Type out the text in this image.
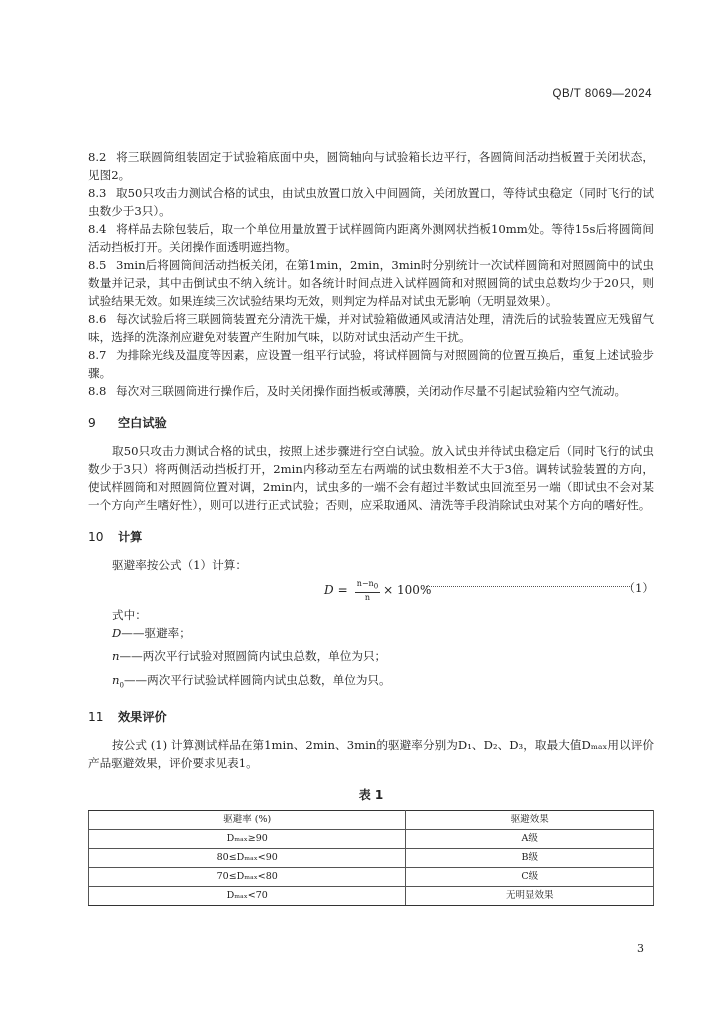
QB/T 8069—2024

8.2 将三联圆筒组装固定于试验箱底面中央，圆筒轴向与试验箱长边平行，各圆筒间活动挡板置于关闭状态，见图2。

8.3 取50只攻击力测试合格的试虫，由试虫放置口放入中间圆筒，关闭放置口，等待试虫稳定（同时飞行的试虫数少于3只）。

8.4 将样品去除包装后，取一个单位用量放置于试样圆筒内距离外测网状挡板10mm处。等待15s后将圆筒间活动挡板打开。关闭操作面透明遮挡物。

8.5 3min后将圆筒间活动挡板关闭，在第1min，2min，3min时分别统计一次试样圆筒和对照圆筒中的试虫数量并记录，其中击倒试虫不纳入统计。如各统计时间点进入试样圆筒和对照圆筒的试虫总数均少于20只，则试验结果无效。如果连续三次试验结果均无效，则判定为样品对试虫无影响（无明显效果）。

8.6 每次试验后将三联圆筒装置充分清洗干燥，并对试验箱做通风或清洁处理，清洗后的试验装置应无残留气味，选择的洗涤剂应避免对装置产生附加气味，以防对试虫活动产生干扰。

8.7 为排除光线及温度等因素，应设置一组平行试验，将试样圆筒与对照圆筒的位置互换后，重复上述试验步骤。

8.8 每次对三联圆筒进行操作后，及时关闭操作面挡板或薄膜，关闭动作尽量不引起试验箱内空气流动。

9 空白试验

取50只攻击力测试合格的试虫，按照上述步骤进行空白试验。放入试虫并待试虫稳定后（同时飞行的试虫数少于3只）将两侧活动挡板打开，2min内移动至左右两端的试虫数相差不大于3倍。调转试验装置的方向，使试样圆筒和对照圆筒位置对调，2min内，试虫多的一端不会有超过半数试虫回流至另一端（即试虫不会对某一个方向产生嗜好性），则可以进行正式试验；否则，应采取通风、清洗等手段消除试虫对某个方向的嗜好性。

10 计算

驱避率按公式（1）计算：

$D = \frac{n-n_0}{n} \times 100\%$	（1）

式中：

D——驱避率；

n——两次平行试验对照圆筒内试虫总数，单位为只；

$n_0——$两次平行试验试样圆筒内试虫总数，单位为只。

11 效果评价

按公式 (1) 计算测试样品在第1min、2min、3min的驱避率分别为D₁、D₂、D₃，取最大值Dₘₐₓ用以评价产品驱避效果，评价要求见表1。

表 1
驱避率 (%)	驱避效果
Dₘₐₓ≥90	A级
80≤Dₘₐₓ<90	B级
70≤Dₘₐₓ<80	C级
Dₘₐₓ<70	无明显效果
3
